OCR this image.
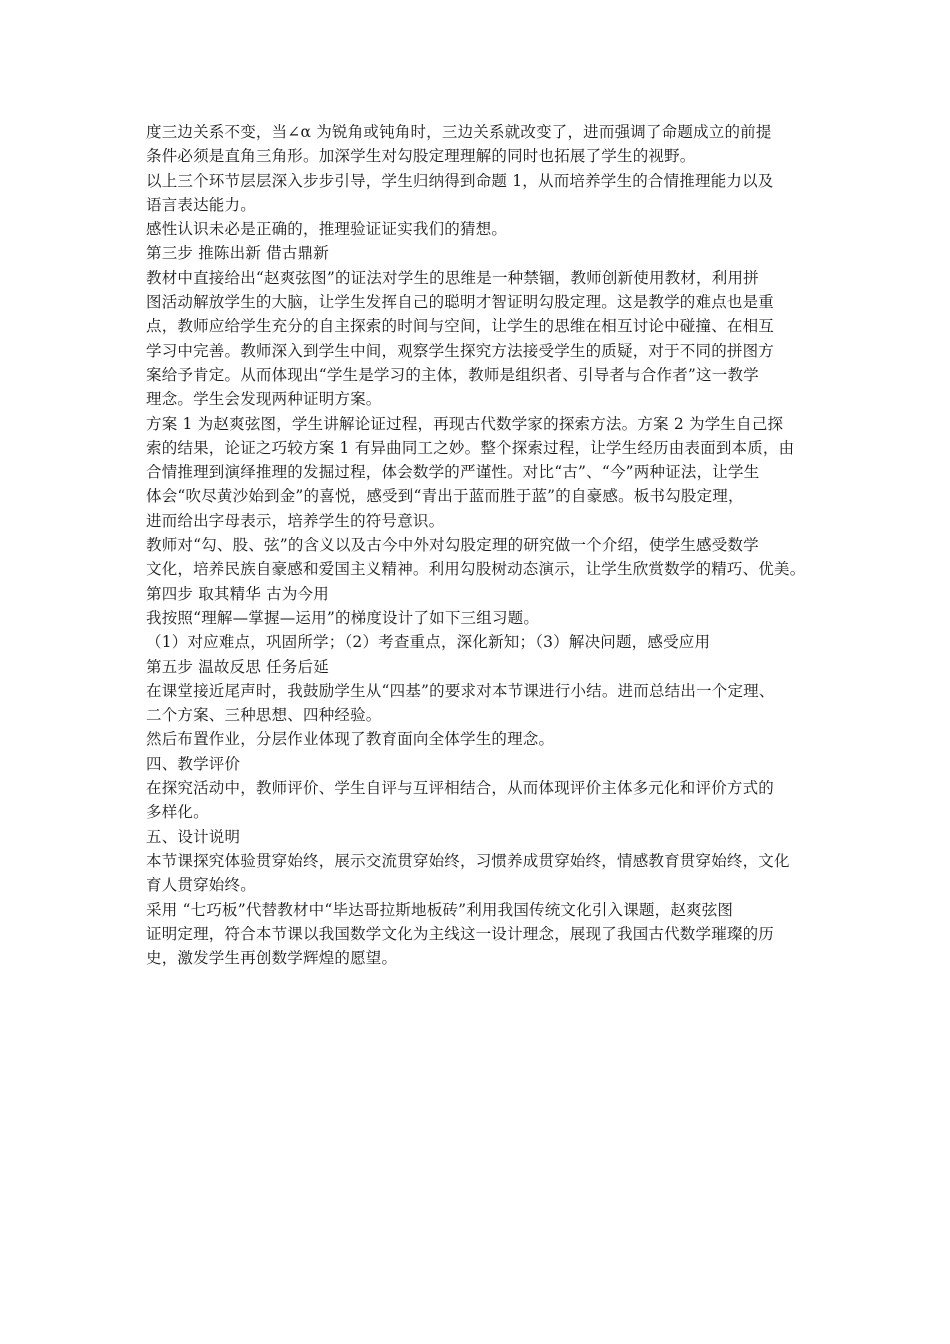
度三边关系不变，当∠α 为锐角或钝角时，三边关系就改变了，进而强调了命题成立的前提
条件必须是直角三角形。加深学生对勾股定理理解的同时也拓展了学生的视野。
以上三个环节层层深入步步引导，学生归纳得到命题 1，从而培养学生的合情推理能力以及
语言表达能力。
感性认识未必是正确的，推理验证证实我们的猜想。
第三步 推陈出新 借古鼎新
教材中直接给出“赵爽弦图”的证法对学生的思维是一种禁锢，教师创新使用教材，利用拼
图活动解放学生的大脑，让学生发挥自己的聪明才智证明勾股定理。这是教学的难点也是重
点，教师应给学生充分的自主探索的时间与空间，让学生的思维在相互讨论中碰撞、在相互
学习中完善。教师深入到学生中间，观察学生探究方法接受学生的质疑，对于不同的拼图方
案给予肯定。从而体现出“学生是学习的主体，教师是组织者、引导者与合作者”这一教学
理念。学生会发现两种证明方案。
方案 1 为赵爽弦图，学生讲解论证过程，再现古代数学家的探索方法。方案 2 为学生自己探
索的结果，论证之巧较方案 1 有异曲同工之妙。整个探索过程，让学生经历由表面到本质，由
合情推理到演绎推理的发掘过程，体会数学的严谨性。对比“古”、“今”两种证法，让学生
体会“吹尽黄沙始到金”的喜悦，感受到“青出于蓝而胜于蓝”的自豪感。板书勾股定理，
进而给出字母表示，培养学生的符号意识。
教师对“勾、股、弦”的含义以及古今中外对勾股定理的研究做一个介绍，使学生感受数学
文化，培养民族自豪感和爱国主义精神。利用勾股树动态演示，让学生欣赏数学的精巧、优美。
第四步 取其精华 古为今用
我按照“理解—掌握—运用”的梯度设计了如下三组习题。
（1）对应难点，巩固所学；（2）考查重点，深化新知；（3）解决问题，感受应用
第五步 温故反思 任务后延
在课堂接近尾声时，我鼓励学生从“四基”的要求对本节课进行小结。进而总结出一个定理、
二个方案、三种思想、四种经验。
然后布置作业，分层作业体现了教育面向全体学生的理念。
四、教学评价
在探究活动中，教师评价、学生自评与互评相结合，从而体现评价主体多元化和评价方式的
多样化。
五、设计说明
本节课探究体验贯穿始终，展示交流贯穿始终，习惯养成贯穿始终，情感教育贯穿始终，文化
育人贯穿始终。
采用 “七巧板”代替教材中“毕达哥拉斯地板砖”利用我国传统文化引入课题，赵爽弦图
证明定理，符合本节课以我国数学文化为主线这一设计理念，展现了我国古代数学璀璨的历
史，激发学生再创数学辉煌的愿望。
